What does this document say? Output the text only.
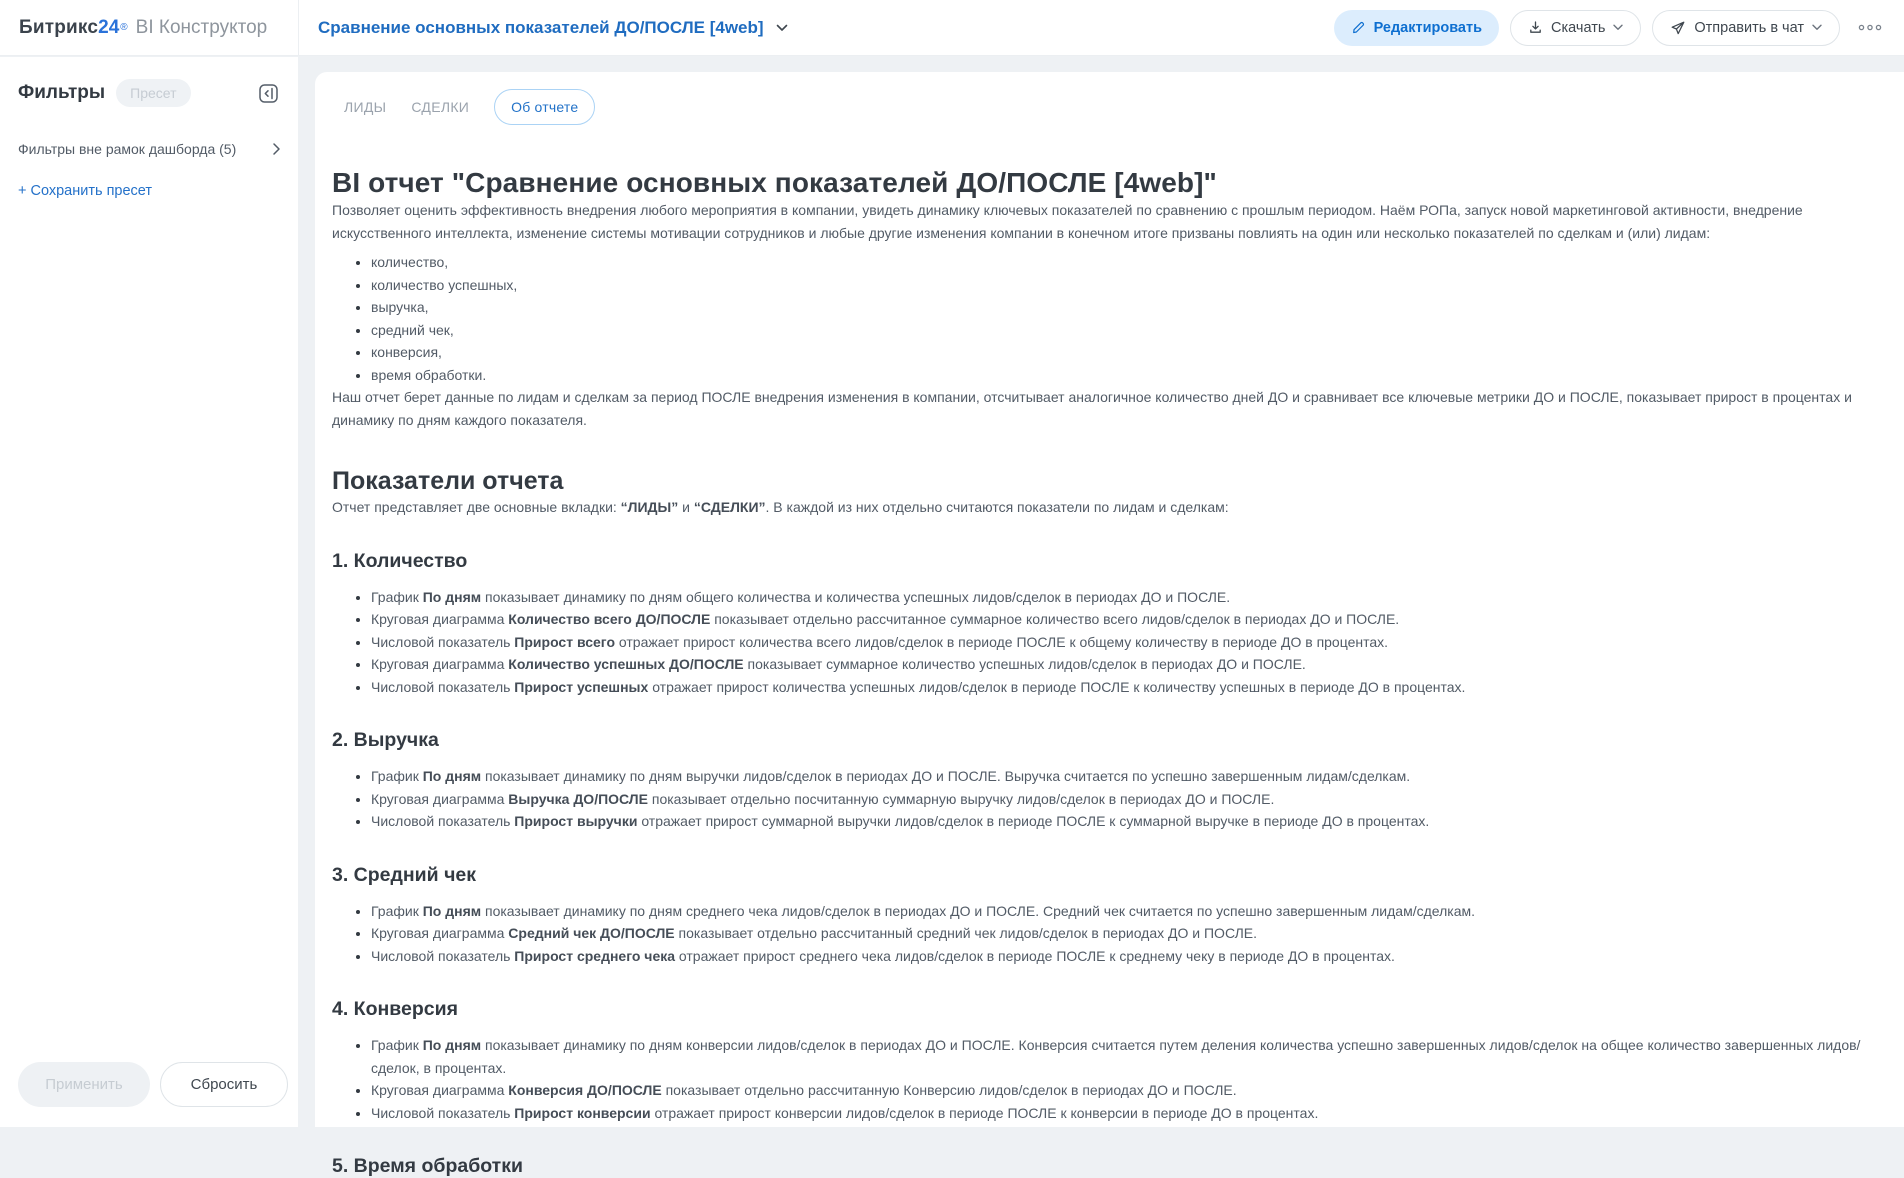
Битрикс 24 ® BI Конструктор	Сравнение основных показателей ДО/ПОСЛЕ [4web]	Редактировать	Скачать	Отправить в чат
Фильтры	Пресет
Фильтры вне рамок дашборда (5)
+ Сохранить пресет
Применить	Сбросить
ЛИДЫ СДЕЛКИ	Об отчете
BI отчет "Сравнение основных показателей ДО/ПОСЛЕ [4web]"

Позволяет оценить эффективность внедрения любого мероприятия в компании, увидеть динамику ключевых показателей по сравнению с прошлым периодом. Наём РОПа, запуск новой маркетинговой активности, внедрение искусственного интеллекта, изменение системы мотивации сотрудников и любые другие изменения компании в конечном итоге призваны повлиять на один или несколько показателей по сделкам и (или) лидам:

• количество,
• количество успешных,
• выручка,
• средний чек,
• конверсия,
• время обработки.

Наш отчет берет данные по лидам и сделкам за период ПОСЛЕ внедрения изменения в компании, отсчитывает аналогичное количество дней ДО и сравнивает все ключевые метрики ДО и ПОСЛЕ, показывает прирост в процентах и динамику по дням каждого показателя.

Показатели отчета

Отчет представляет две основные вкладки: “ЛИДЫ” и “СДЕЛКИ”. В каждой из них отдельно считаются показатели по лидам и сделкам:

1. Количество
• График По дням показывает динамику по дням общего количества и количества успешных лидов/сделок в периодах ДО и ПОСЛЕ.
• Круговая диаграмма Количество всего ДО/ПОСЛЕ показывает отдельно рассчитанное суммарное количество всего лидов/сделок в периодах ДО и ПОСЛЕ.
• Числовой показатель Прирост всего отражает прирост количества всего лидов/сделок в периоде ПОСЛЕ к общему количеству в периоде ДО в процентах.
• Круговая диаграмма Количество успешных ДО/ПОСЛЕ показывает суммарное количество успешных лидов/сделок в периодах ДО и ПОСЛЕ.
• Числовой показатель Прирост успешных отражает прирост количества успешных лидов/сделок в периоде ПОСЛЕ к количеству успешных в периоде ДО в процентах.
2. Выручка
• График По дням показывает динамику по дням выручки лидов/сделок в периодах ДО и ПОСЛЕ. Выручка считается по успешно завершенным лидам/сделкам.
• Круговая диаграмма Выручка ДО/ПОСЛЕ показывает отдельно посчитанную суммарную выручку лидов/сделок в периодах ДО и ПОСЛЕ.
• Числовой показатель Прирост выручки отражает прирост суммарной выручки лидов/сделок в периоде ПОСЛЕ к суммарной выручке в периоде ДО в процентах.
3. Средний чек
• График По дням показывает динамику по дням среднего чека лидов/сделок в периодах ДО и ПОСЛЕ. Средний чек считается по успешно завершенным лидам/сделкам.
• Круговая диаграмма Средний чек ДО/ПОСЛЕ показывает отдельно рассчитанный средний чек лидов/сделок в периодах ДО и ПОСЛЕ.
• Числовой показатель Прирост среднего чека отражает прирост среднего чека лидов/сделок в периоде ПОСЛЕ к среднему чеку в периоде ДО в процентах.
4. Конверсия
• График По дням показывает динамику по дням конверсии лидов/сделок в периодах ДО и ПОСЛЕ. Конверсия считается путем деления количества успешно завершенных лидов/сделок на общее количество завершенных лидов/сделок, в процентах.
• Круговая диаграмма Конверсия ДО/ПОСЛЕ показывает отдельно рассчитанную Конверсию лидов/сделок в периодах ДО и ПОСЛЕ.
• Числовой показатель Прирост конверсии отражает прирост конверсии лидов/сделок в периоде ПОСЛЕ к конверсии в периоде ДО в процентах.
5. Время обработки
